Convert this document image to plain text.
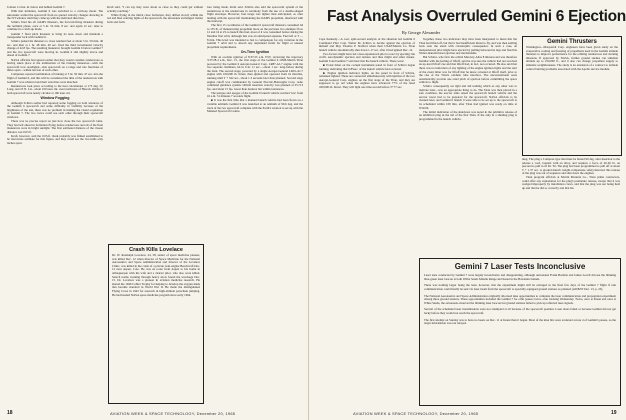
6 about 11 mot. m. below and behind Gemini 7.

With that initiation, Gemini 6 was switched to a catch-up mode. The astronauts walled the spacecraft from no quoted velocity changes showing in the IVI window until they came up with the indicated direction.

Schirra fired his aft OAMS thrusters, the forward-firing thrusters during the terminal phase, once at 5 hr. 52 min. 8 sec. and again 12 sec. later to continue in a catch-up mode.

Gemini 7 fired pitch thrusters to bring its nose down and maintain a transponder lock with Gemini 6.

Schirra pulsed his thrusters to close residual fuel at about 5 hr. 59 min. 40 sec. and then at 1 hr. 48 min. 40 sec. fired the third incremental velocity change of 42.8 fps. The resulting maneuver brought Gemini 6 below Gemini 7 and the two spacecraft were moving in, Gemini 6 slid slightly above and ahead of Gemini 7.

NASA officials had agreed earlier that they would consider rendezvous as having taken place at the termination of the braking maneuver—with the spacecraft now nondigital—that spacecraft on a range and rate functions of miles apart—within ten feet of each other.

Computers reported termination of braking at 5 hr. 50 min. 47 sec. into the flight of Gemini 6, and this will be considered the time of the rendezvous with Gemini 7 was achieved and their velocities were matched.

Rendezvous took place according to the best calculations at 175 deg. W. Long. and 25 N. Lat., about 100 naut. mi. west northwest of Hawaii. Orbits of both spacecraft were nearly circular at 160 naut. mi.

Window Fogging

Although Schirra earlier had reported some fogging on both windows of the Gemini 6 spacecraft and some difficulty in visibility because of the brightness of the sun, there was no problem in making the visual acquisition of Gemini 7. The two crews could see each other through their spacecraft windows.

There was no precise report on just how close the two spacecraft came. They had left ahead in formation flying before rendezvous and all of the final maneuvers were in bright sunlight. The first estimated distance of the closest distance was 0.03 ft.

Kraft, however, said the 0.03-ft. mark probably was firmed established to be inaccurate estimate for that figure, and they could see the two hulls only inches apart.

Kraft said, "I can say they were about as close as they could get without actually touching."

While flying in the initial close formation, they drifted slowly within the red and blue warning lights of the spacecraft, the astronauts exchanged chatter back and forth.

Crash Kills Lovelace
Dr. W. Randolph Lovelace, 2d, 58, senior of space medicine pioneer, was killed Dec. 12 when director of Space Medicine for the National Aeronautics and Space Administration and director of the Lovelace Clinic, was killed in the crash of a private twin-engine Beechcraft Dec. 12 near Aspen, Colo. He was en route from Aspen to his home in Albuquerque with his wife and a charter pilot, who also were killed. Search teams working through heavy snow found the wreckage Dec. 15. Dr. Lovelace was a pioneer in aviation medicine research. He shared the 1940 Collier Trophy for helping to develop the oxygen mask that became standard in World War II. He made the distinguished Flying Cross in 1943 for research in high-altitude parachute jumping. He had headed NASA space medicine program since early 1964.

fore being made, Kraft said. Schirra also said the spacecraft system of the rendezvous at the rendezvous in ceremony from the use of a double-shaped flight envelope. However, fuel usage was lighter than anticipated, so after landing with the spacecraft maintaining the OAMS propellant, interfered with the intercept.

The first 15 coordinates of the Gemini 6 spacecraft thrusters consumed 64 to 135 lb. of maneuvering propellant more on the previous two attempts: flow 12 and 16 at 25-to launch this fuel, most of it was consumed before during the flareline first orbit, although this was an anticipated expense. Fuel left at T — 8 min. This level was intended to last to compensate for any variation in the Gemini 7 orbit and to absorb any unplanned fields for flight or unused propellant requirements.

On-Time Ignition

With an on-time ignition of 8:37:23 a.m. EST, reviewing the trajectory 3:37:28.4 a.m., Dec. 15, the first stage of the Gemini 6 OSM-Martin Titan powered by the Gemini 6 Aerojet-General Corp. LR87-AJ-7 engine with the two separate chambers, hit in 6 m. 11 sec.—about 1 sec. long-before during the burn. The second stage, powered by a single Aerojet-General LR91-AJ-7 engine with 100,000 lb. thrust, then ignited and operated from its throttles, running until T + 342 sec., about 1.3 seconds later than planned. Second stage engine cutoff was commanded by General Electric-Burroughs Corp. radio command guidance system. Orbital insertion velocity was planned at 25,713 fps. and about 15 fps. lower than desired, but within tolerances.

The perigee and apogee of the Gemini 6 launch vehicle reached 'low' from 16 a.m. 31 minutes 7 seconds flight.

■ It was the first time that a manned launch vehicle had been flown on a variable azimuth. Gemini 6 was launched at an azimuth of 90.6 deg. and the track of the two spacecraft complete with the Earth's rotation to set up with the Manned Spacecraft Centre.

18	AVIATION WEEK & SPACE TECHNOLOGY, December 20, 1965
Fast Analysis Overruled Gemini 6 Ejection
By George Alexander

Cape Kennedy—A cool, split-second analysis of the situation led Gemini 6 Command Pilot Capt. Walter M. Schirra to decide against the ejection of himself and Maj. Thomas P. Stafford when their USAF/Martin Co. Titan launch vehicle automatically shut down 1.17 sec. after it had ignited Dec. 12.

Two factors might have led a less experienced pilot to react by ejecting: the craft's aerodynamic ejection and retirees and thus might end other means. Gemini 6 and Gemini 7 said later that the launch vehicle. These were:

■ Event timer on the cockpit instrument panel in front of Schirra began running, indicating that 0.85sec. of the launch vehicle had occurred.

■ Engine ignition indicator lights, on the panel in front of Schirra, remained lighted. These are connected simultaneously with ignition of the two Aerojet-General Corp. engines on the first stage of the Titan, and they are supposed to go out when the engines have advanced 77% of the rated 430,000-lb. thrust. They will light one time second before T+77 sec.

Gemini Thrusters
Washington—Marquardt Corp. engineers have been given study on the evaporative cooling and freezing of propellants used in the Gemini attitude thrusters to improve performance for the orbiting rendezvous and docking missions. If approved by NASA, further ground studies can simulate altitude up to 250,000 ft., and it also can change propellant supply to simulate weightlessness. The study is an extension of a contract to attitude control burning problems associated with the Apollo service module.

Together, these two indicators may have been interpreted to mean that the Titan had lifted off, but that it had insufficient thrust to fly, and was then settling back onto the stand with catastrophic consequence. In such a case, an inexperienced pilot might have ejected by pulling between his legs and fired his Weber-manufactured ejection seat mechanisms.

But Schirra, who flew the orbital Mercury-Atlas 8 mission and was therefore familiar with the feeling of liftoff, said he was sure the vehicle had not received an up-level liftoff cue and that liftoff had, in fact, not occurred. He also said that there was no indication of any lighting of the engine ignition lights and the start of the event timer was for liftoff that he knew actuated at liftoff itself, prior to the rise of the Titan's oxidizer tube interface. The unconventional seats automatically provide one rated pitch of ejection before committing the space vehicle to flight.

Schirra consequently sat tight and did nothing which as any other was to indicate later—was an appropriate thing to do. The Titan was then placed in a safe condition, the erector arms raised the spacecraft launch vehicle and the erector tower had to be prepared for the spacecraft. NASA officials to be cleaned later, and Gemini 6 launch it were able to be set up to the spacecraft at its scheduled within 100 min. after Titan had ignited was ready on time at 9:54:06.

The initial indication of the shutdown was noted in the primitive release of an umbilical plug in the tail of the first Titan. If the only in a shutting plug is programmed in the launch vehicle.

ning. The plug a Compose type that must be buried 90 deg. after insertion to the release a cord, bonded with an alloy, and requires a force of 40-65 lb. on (second to pull it off Rt. Tit. The plug had been programmed to pull off at about T + 1.37 sec. A ground-launch weight-compensate safety/detected this release of the plug was out of sequence and shut down the engines.

Titan program officials at Martin Marietta Co., Titan prime contractors, could offer any explanation for the plug's premature release, except that it was wedged improperly by installation crews, and that the plug was not being held up and that he did so correctly and that his

Gemini 7 Laser Tests Inconclusive

Laser tests conducted by Gemini 7 were largely inconclusive and disappointing, although Astronauts Frank Borman and James Lovell did see the blinking blue-green laser beacon at both White Sands Missile Range and Kauai in the Hawaiian Islands.

There was nothing larger being the tests, however, that the experiment might still be salvaged in the final few days of the Gemini 7 flight if rain communication could finally be sent via laser beam from the spacecraft to specially equipped ground stations as planned (AW&ST Dec. 13, p. 23).

The National Aeronautics and Space Administration originally allocated nine opportunities to complete the laser communication and propagation experiment among three ground stations. These opportunities included the Gemini 7 for orbit passes; twice, onto tracking Wednesday. Twice, once at Kauai and once at White Sands, the astronauts observed the blinking laser beacon but ground stations failed to pick up reflected laser signals.

Several of the scheduled laser transmissions were not attempted at all because of the spacecraft position. Laser shots failed or because Gemini did not get lucky before they would not reach the spacecraft.

The first attempt on Sunday was to have no lasers on Dec. 11 at Kauai then it began. Most of the nine bits were scattered across 4 of Gemini's passes, so the target information was not relayed.

AVIATION WEEK & SPACE TECHNOLOGY, December 20, 1965	19
